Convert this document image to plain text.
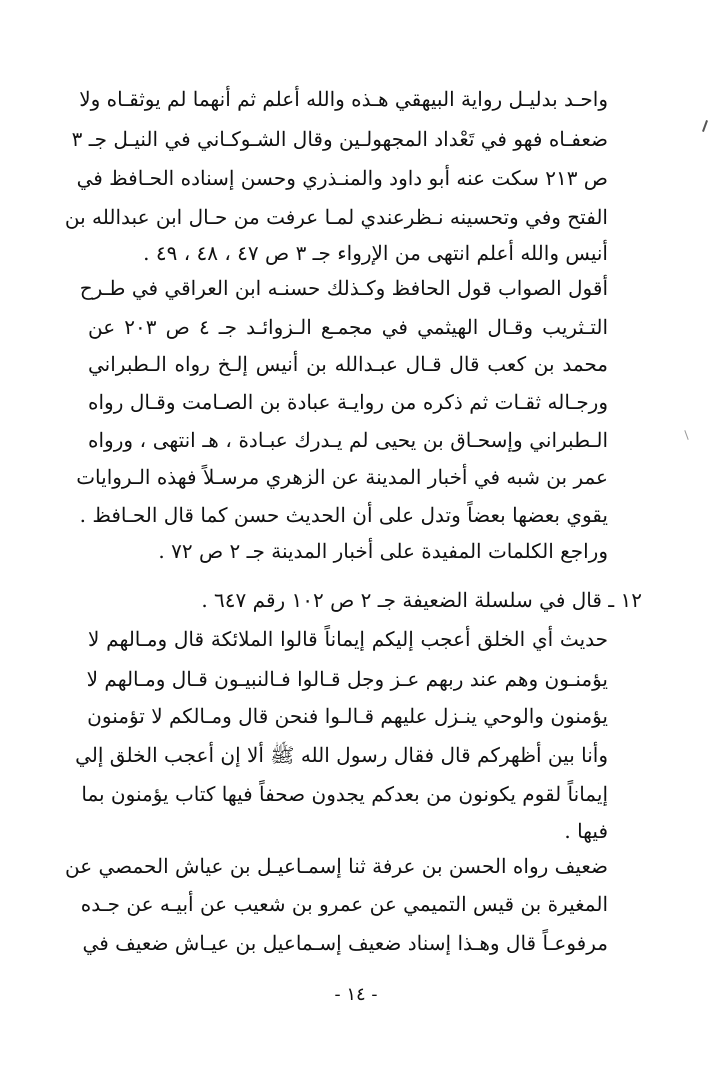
واحـد بدليـل رواية البيهقي هـذه والله أعلم ثم أنهما لم يوثقـاه ولا
ضعفـاه فهو في تَعْداد المجهولـين وقال الشـوكـاني في النيـل جـ ٣
ص ٢١٣ سكت عنه أبو داود والمنـذري وحسن إسناده الحـافظ في
الفتح وفي وتحسينه نـظرعندي لمـا عرفت من حـال ابن عبدالله بن
أنيس والله أعلم انتهى من الإرواء جـ ٣ ص ٤٧ ، ٤٨ ، ٤٩ .
أقول الصواب قول الحافظ وكـذلك حسنـه ابن العراقي في طـرح
التـثريب وقـال الهيثمي في مجمـع الـزوائـد جـ ٤ ص ٢٠٣ عن
محمد بن كعب قال قـال عبـدالله بن أنيس إلـخ رواه الـطبراني
ورجـاله ثقـات ثم ذكره من روايـة عبادة بن الصـامت وقـال رواه
الـطبراني وإسحـاق بن يحيى لم يـدرك عبـادة ، هـ انتهى ، ورواه
عمر بن شبه في أخبار المدينة عن الزهري مرسـلاً فهذه الـروايات
يقوي بعضها بعضاً وتدل على أن الحديث حسن كما قال الحـافظ .
وراجع الكلمات المفيدة على أخبار المدينة جـ ٢ ص ٧٢ .
١٢ ـ قال في سلسلة الضعيفة جـ ٢ ص ١٠٢ رقم ٦٤٧ .
حديث أي الخلق أعجب إليكم إيماناً قالوا الملائكة قال ومـالهم لا
يؤمنـون وهم عند ربهم عـز وجل قـالوا فـالنبيـون قـال ومـالهم لا
يؤمنون والوحي ينـزل عليهم قـالـوا فنحن قال ومـالكم لا تؤمنون
وأنا بين أظهركم قال فقال رسول الله ﷺ ألا إن أعجب الخلق إلي
إيماناً لقوم يكونون من بعدكم يجدون صحفاً فيها كتاب يؤمنون بما
فيها .
ضعيف رواه الحسن بن عرفة ثنا إسمـاعيـل بن عياش الحمصي عن
المغيرة بن قيس التميمي عن عمرو بن شعيب عن أبيـه عن جـده
مرفوعـاً قال وهـذا إسناد ضعيف إسـماعيل بن عيـاش ضعيف في
- ١٤ -
